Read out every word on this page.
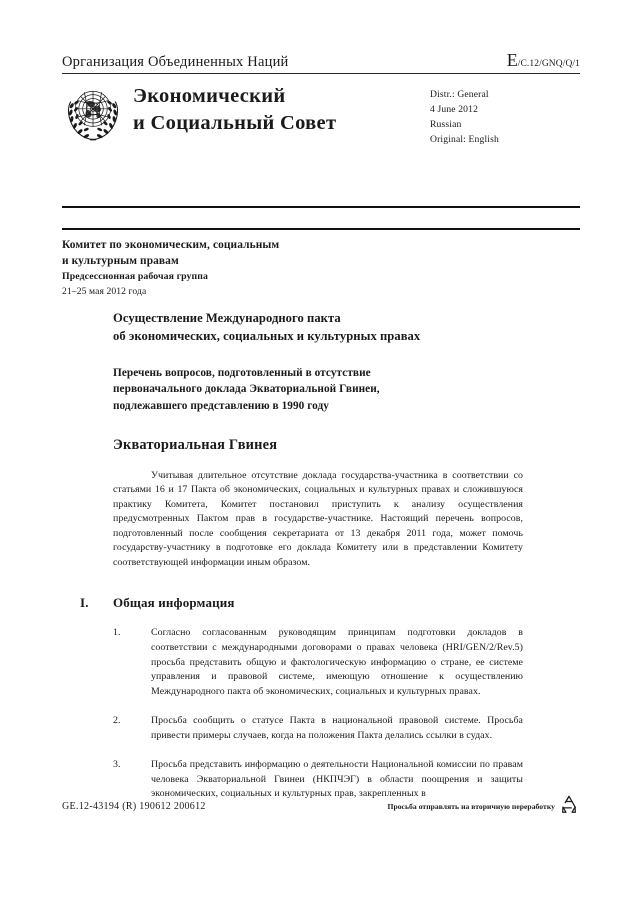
Организация Объединенных Наций	E/C.12/GNQ/Q/1
Экономический
и Социальный Совет
Distr.: General
4 June 2012
Russian
Original: English
Комитет по экономическим, социальным
и культурным правам
Предсессионная рабочая группа
21–25 мая 2012 года
Осуществление Международного пакта
об экономических, социальных и культурных правах
Перечень вопросов, подготовленный в отсутствие
первоначального доклада Экваториальной Гвинеи,
подлежавшего представлению в 1990 году
Экваториальная Гвинея

Учитывая длительное отсутствие доклада государства-участника в соответствии со статьями 16 и 17 Пакта об экономических, социальных и культурных правах и сложившуюся практику Комитета, Комитет постановил приступить к анализу осуществления предусмотренных Пактом прав в государстве-участнике. Настоящий перечень вопросов, подготовленный после сообщения секретариата от 13 декабря 2011 года, может помочь государству-участнику в подготовке его доклада Комитету или в представлении Комитету соответствующей информации иным образом.

I.	Общая информация
1.	Согласно согласованным руководящим принципам подготовки докладов в соответствии с международными договорами о правах человека (HRI/GEN/2/Rev.5) просьба представить общую и фактологическую информацию о стране, ее системе управления и правовой системе, имеющую отношение к осуществлению Международного пакта об экономических, социальных и культурных правах.
2.	Просьба сообщить о статусе Пакта в национальной правовой системе. Просьба привести примеры случаев, когда на положения Пакта делались ссылки в судах.
3.	Просьба представить информацию о деятельности Национальной комиссии по правам человека Экваториальной Гвинеи (НКПЧЭГ) в области поощрения и защиты экономических, социальных и культурных прав, закрепленных в
GE.12-43194 (R) 190612 200612	Просьба отправлять на вторичную переработку
